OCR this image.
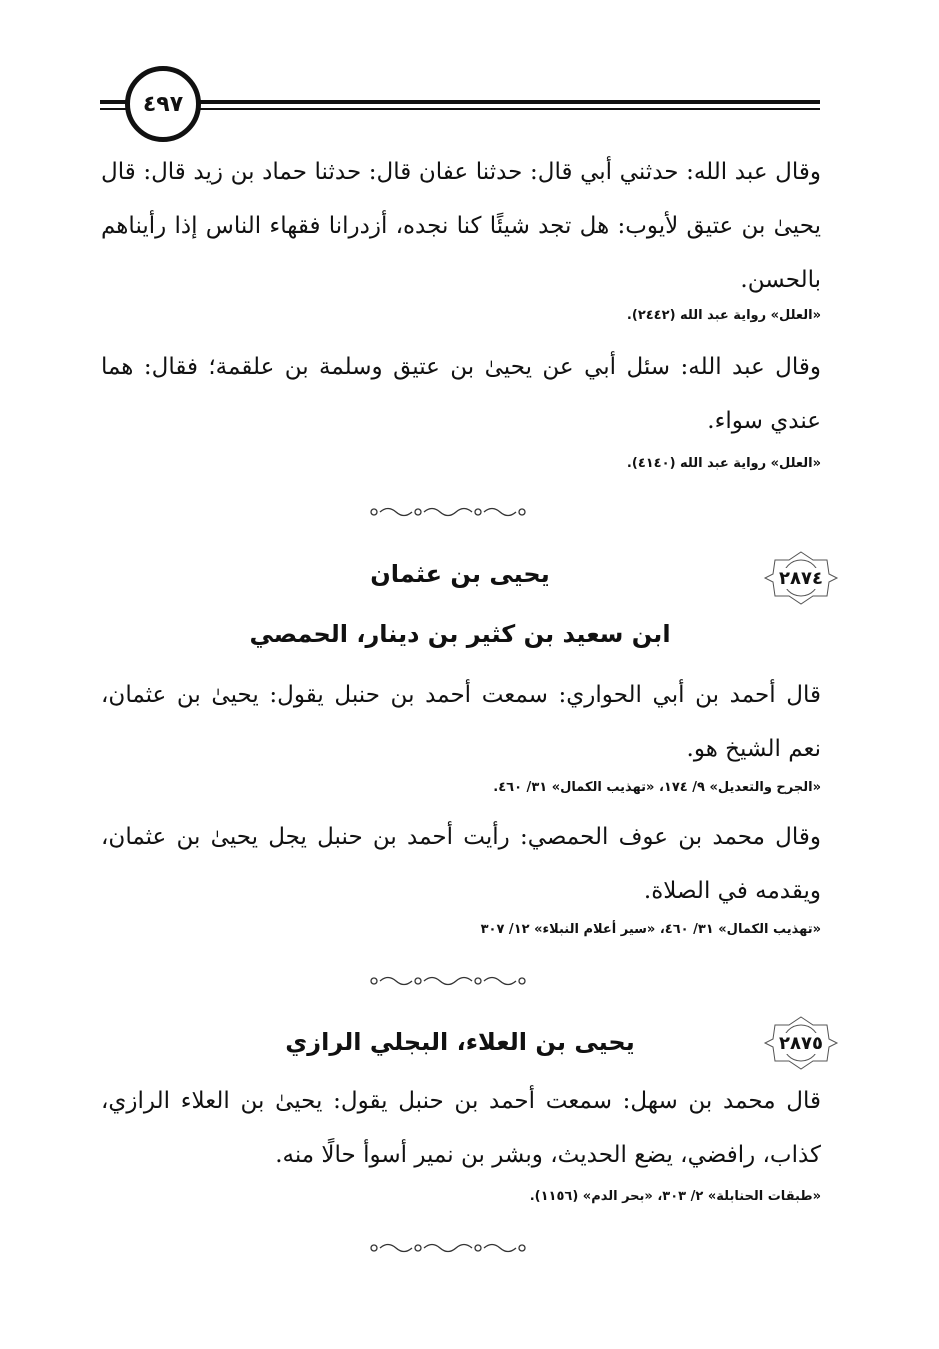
٤٩٧
وقال عبد الله: حدثني أبي قال: حدثنا عفان قال: حدثنا حماد بن زيد قال: قال يحيىٰ بن عتيق لأيوب: هل تجد شيئًا كنا نجده، أزدرانا فقهاء الناس إذا رأيناهم بالحسن.
«العلل» رواية عبد الله (٢٤٤٢).
وقال عبد الله: سئل أبي عن يحيىٰ بن عتيق وسلمة بن علقمة؛ فقال: هما عندي سواء.
«العلل» رواية عبد الله (٤١٤٠).
٢٨٧٤
يحيى بن عثمان
ابن سعيد بن كثير بن دينار، الحمصي
قال أحمد بن أبي الحواري: سمعت أحمد بن حنبل يقول: يحيىٰ بن عثمان، نعم الشيخ هو.
«الجرح والتعديل» ٩/ ١٧٤، «تهذيب الكمال» ٣١/ ٤٦٠.
وقال محمد بن عوف الحمصي: رأيت أحمد بن حنبل يجل يحيىٰ بن عثمان، ويقدمه في الصلاة.
«تهذيب الكمال» ٣١/ ٤٦٠، «سير أعلام النبلاء» ١٢/ ٣٠٧
٢٨٧٥
يحيى بن العلاء، البجلي الرازي
قال محمد بن سهل: سمعت أحمد بن حنبل يقول: يحيىٰ بن العلاء الرازي، كذاب، رافضي، يضع الحديث، وبشر بن نمير أسوأ حالًا منه.
«طبقات الحنابلة» ٢/ ٣٠٣، «بحر الدم» (١١٥٦).
